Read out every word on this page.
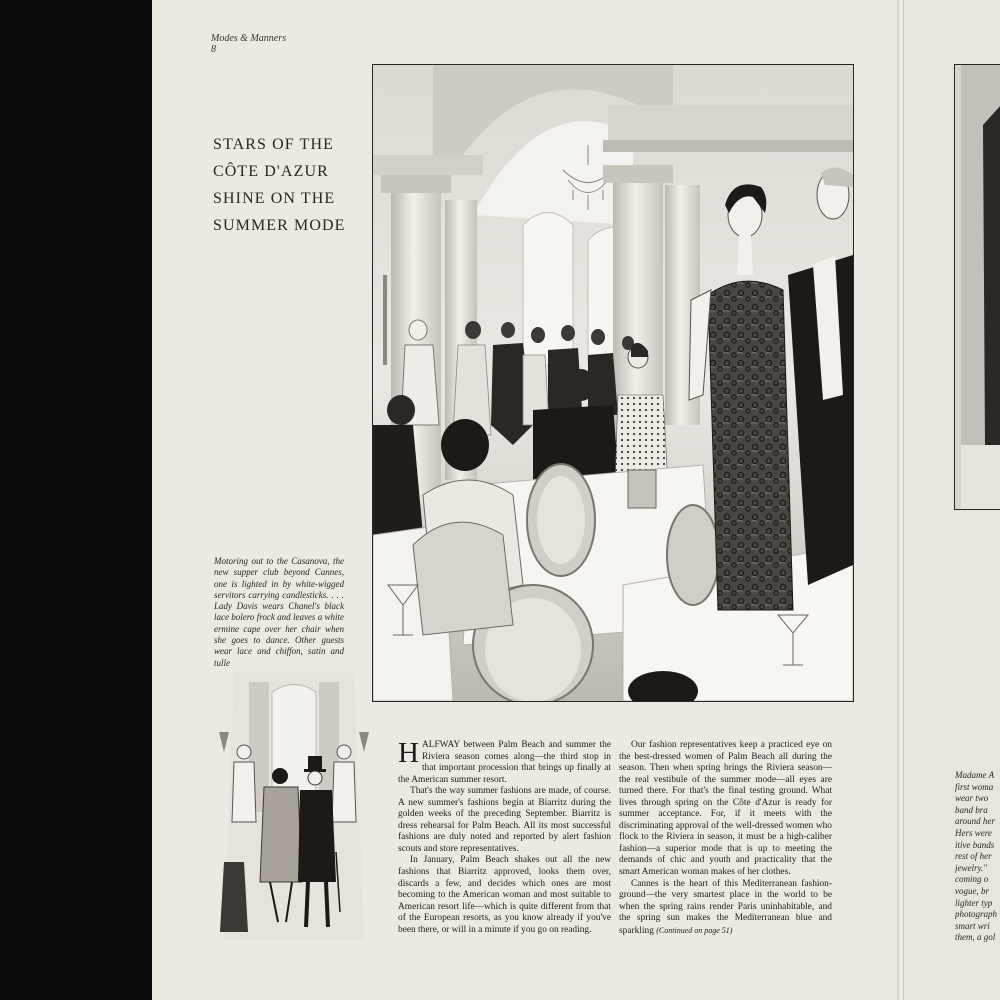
Modes & Manners
8
STARS OF THE
CÔTE D'AZUR
SHINE ON THE
SUMMER MODE
Motoring out to the Casanova, the new supper club beyond Cannes, one is lighted in by white-wigged servitors carrying candlesticks. . . . Lady Davis wears Chanel's black lace bolero frock and leaves a white ermine cape over her chair when she goes to dance. Other guests wear lace and chiffon, satin and tulle

HALFWAY between Palm Beach and summer the Riviera season comes along—the third stop in that important procession that brings up finally at the American summer resort.

That's the way summer fashions are made, of course. A new summer's fashions begin at Biarritz during the golden weeks of the preceding September. Biarritz is dress rehearsal for Palm Beach. All its most successful fashions are duly noted and reported by alert fashion scouts and store representatives.

In January, Palm Beach shakes out all the new fashions that Biarritz approved, looks them over, discards a few, and decides which ones are most becoming to the American woman and most suitable to American resort life—which is quite different from that of the European resorts, as you know already if you've been there, or will in a minute if you go on reading.

Our fashion representatives keep a practiced eye on the best-dressed women of Palm Beach all during the season. Then when spring brings the Riviera season—the real vestibule of the summer mode—all eyes are turned there. For that's the final testing ground. What lives through spring on the Côte d'Azur is ready for summer acceptance. For, if it meets with the discriminating approval of the well-dressed women who flock to the Riviera in season, it must be a high-caliber fashion—a superior mode that is up to meeting the demands of chic and youth and practicality that the smart American woman makes of her clothes.

Cannes is the heart of this Mediterranean fashion-ground—the very smartest place in the world to be when the spring rains render Paris uninhabitable, and the spring sun makes the Mediterranean blue and sparkling (Continued on page 51)

Madame A
first woma
wear two
band bra
around her
Hers were
itive bands
rest of her
jewelry."
coming o
vogue, br
lighter typ
photograph
smart wri
them, a gol
